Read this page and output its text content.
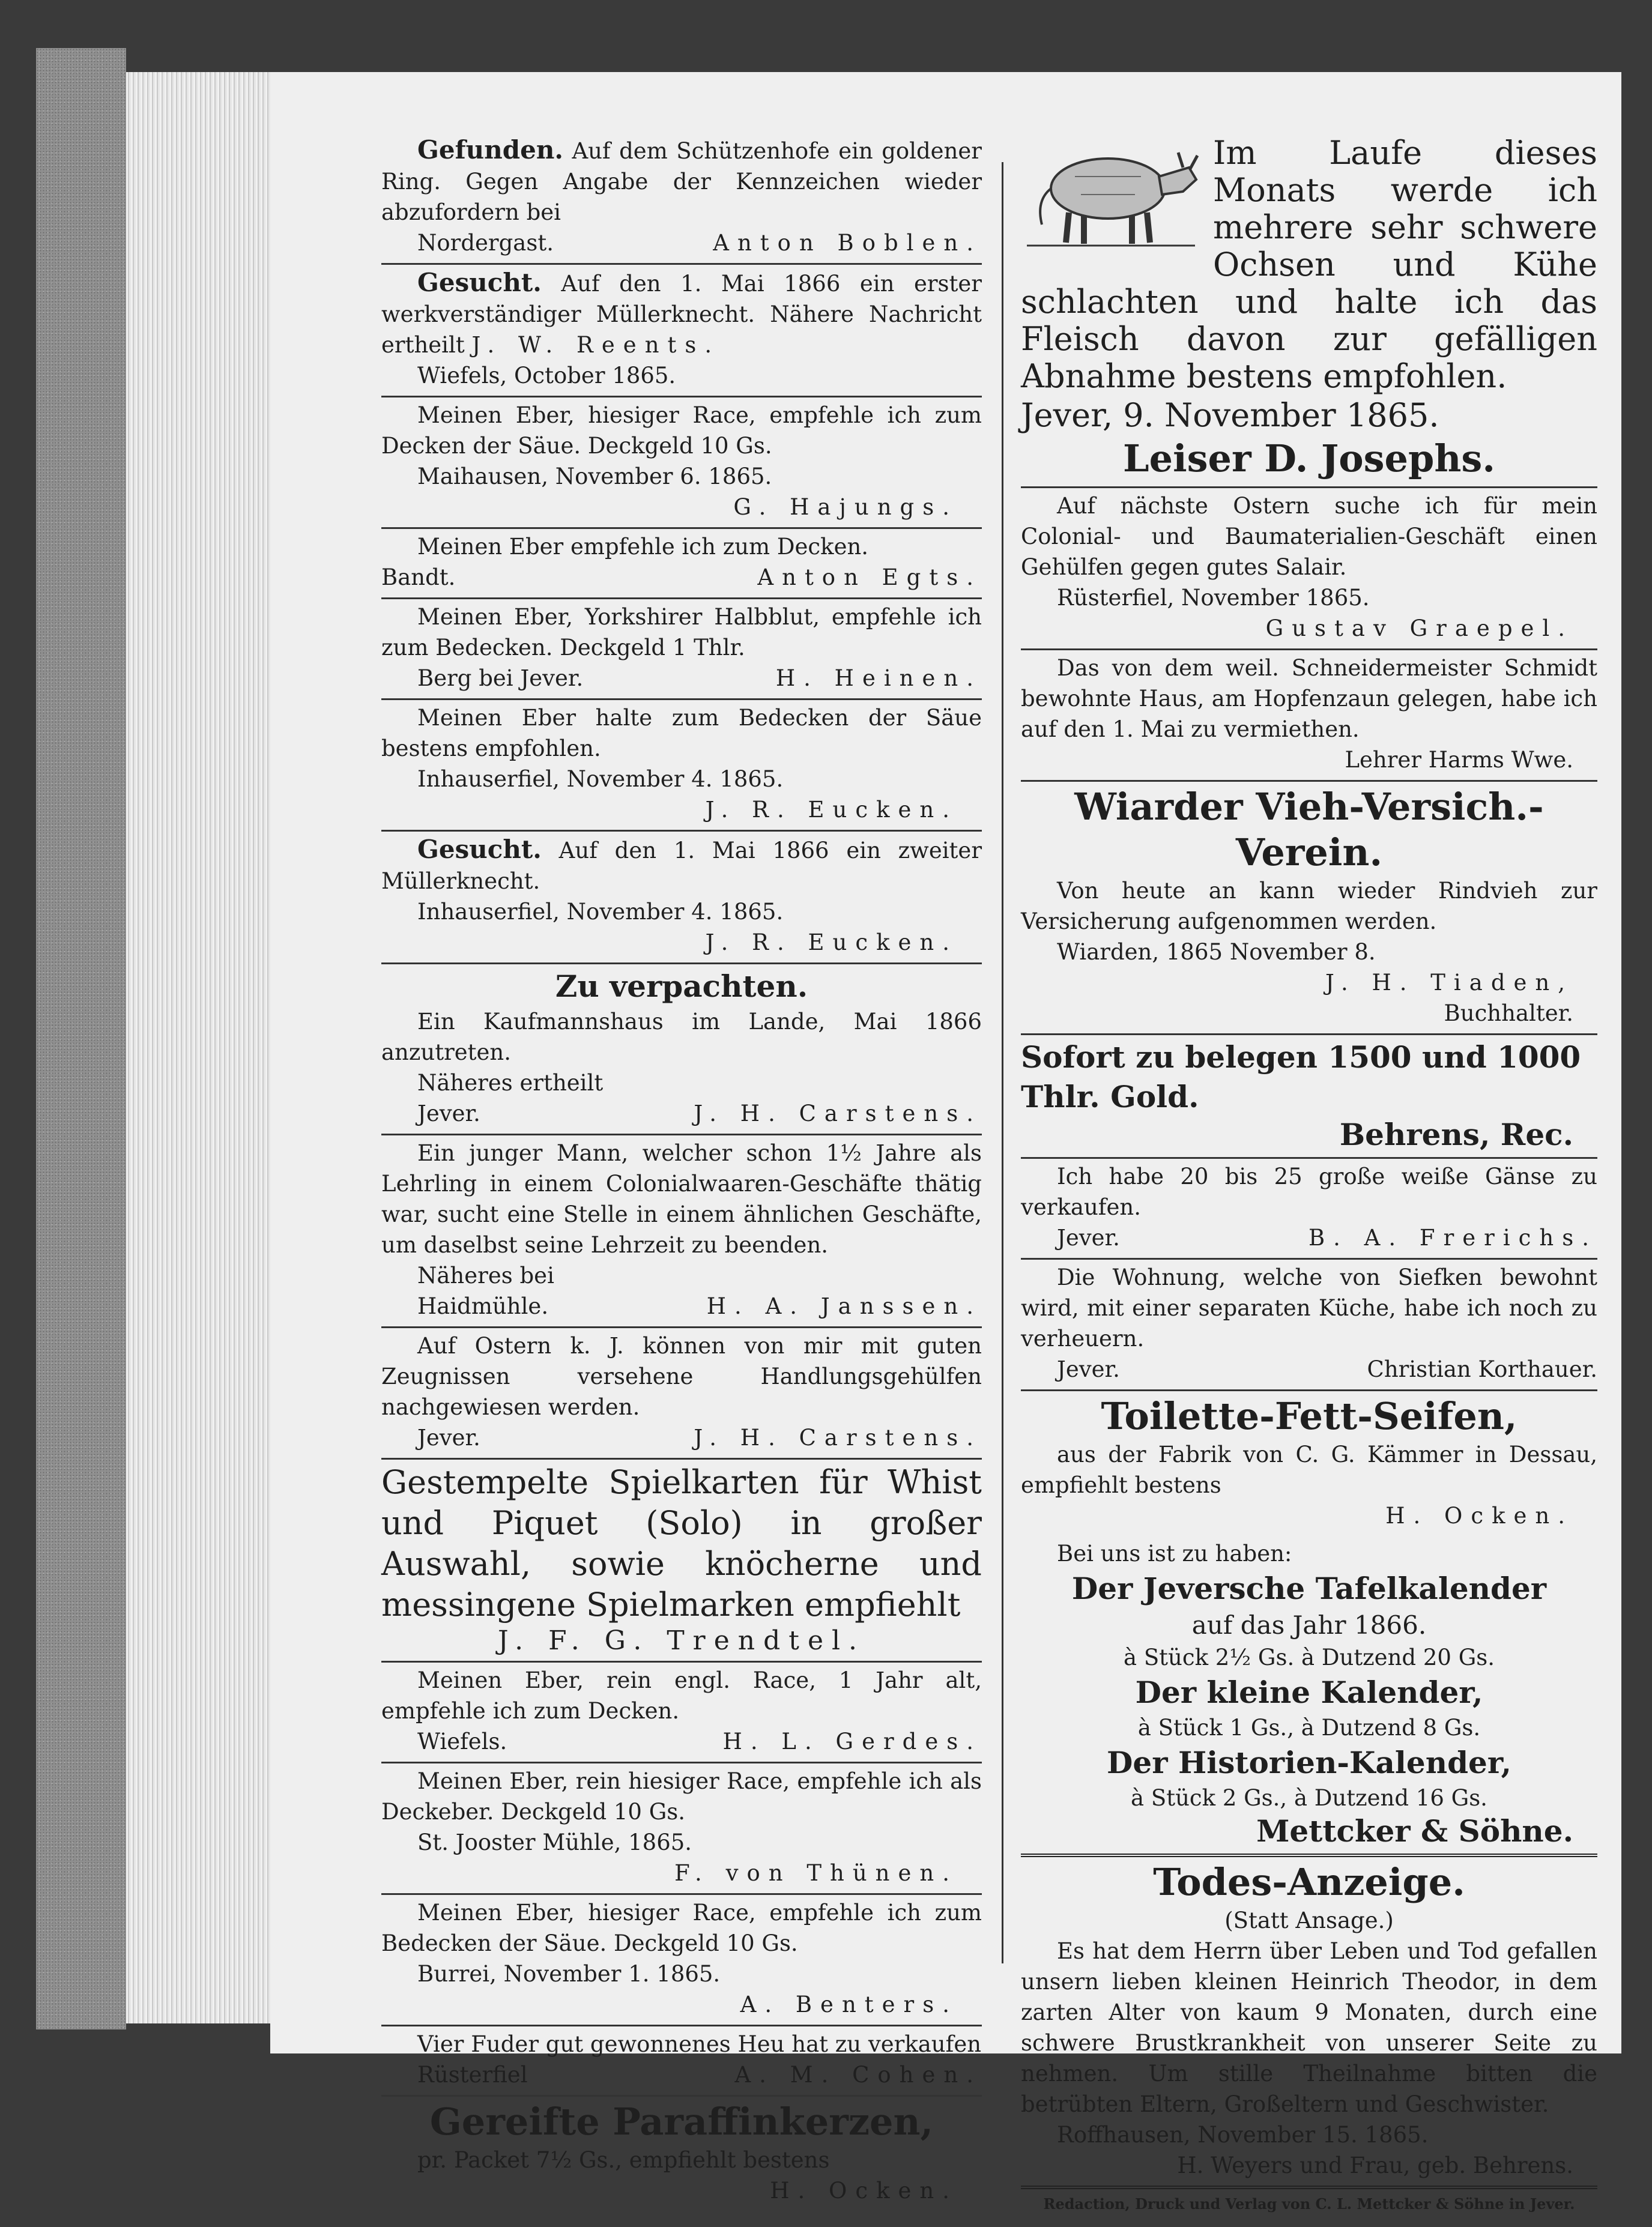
Gefunden. Auf dem Schützenhofe ein goldener Ring. Gegen Angabe der Kennzeichen wieder abzufordern bei

Nordergast.	Anton Boblen.

Gesucht. Auf den 1. Mai 1866 ein erster werkverständiger Müllerknecht. Nähere Nachricht ertheilt J. W. Reents.

Wiefels, October 1865.

Meinen Eber, hiesiger Race, empfehle ich zum Decken der Säue. Deckgeld 10 Gs.

Maihausen, November 6. 1865.

G. Hajungs.

Meinen Eber empfehle ich zum Decken.

Bandt.	Anton Egts.

Meinen Eber, Yorkshirer Halbblut, empfehle ich zum Bedecken. Deckgeld 1 Thlr.

Berg bei Jever.	H. Heinen.

Meinen Eber halte zum Bedecken der Säue bestens empfohlen.

Inhauserfiel, November 4. 1865.

J. R. Eucken.

Gesucht. Auf den 1. Mai 1866 ein zweiter Müllerknecht.

Inhauserfiel, November 4. 1865.

J. R. Eucken.

Zu verpachten.

Ein Kaufmannshaus im Lande, Mai 1866 anzutreten.

Näheres ertheilt

Jever.	J. H. Carstens.

Ein junger Mann, welcher schon 1½ Jahre als Lehrling in einem Colonialwaaren-Geschäfte thätig war, sucht eine Stelle in einem ähnlichen Geschäfte, um daselbst seine Lehrzeit zu beenden.

Näheres bei

Haidmühle.	H. A. Janssen.

Auf Ostern k. J. können von mir mit guten Zeugnissen versehene Handlungsgehülfen nachgewiesen werden.

Jever.	J. H. Carstens.

Gestempelte Spielkarten für Whist und Piquet (Solo) in großer Auswahl, sowie knöcherne und messingene Spielmarken empfiehlt

J. F. G. Trendtel.

Meinen Eber, rein engl. Race, 1 Jahr alt, empfehle ich zum Decken.

Wiefels.	H. L. Gerdes.

Meinen Eber, rein hiesiger Race, empfehle ich als Deckeber. Deckgeld 10 Gs.

St. Jooster Mühle, 1865.

F. von Thünen.

Meinen Eber, hiesiger Race, empfehle ich zum Bedecken der Säue. Deckgeld 10 Gs.

Burrei, November 1. 1865.

A. Benters.

Vier Fuder gut gewonnenes Heu hat zu verkaufen

Rüsterfiel	A. M. Cohen.

Gereifte Paraffinkerzen,

pr. Packet 7½ Gs., empfiehlt bestens

H. Ocken.

Im Laufe dieses Monats werde ich mehrere sehr schwere Ochsen und Kühe schlachten und halte ich das Fleisch davon zur gefälligen Abnahme bestens empfohlen.

Jever, 9. November 1865.

Leiser D. Josephs.

Auf nächste Ostern suche ich für mein Colonial- und Baumaterialien-Geschäft einen Gehülfen gegen gutes Salair.

Rüsterfiel, November 1865.

Gustav Graepel.

Das von dem weil. Schneidermeister Schmidt bewohnte Haus, am Hopfenzaun gelegen, habe ich auf den 1. Mai zu vermiethen.

Lehrer Harms Wwe.

Wiarder Vieh-Versich.-Verein.

Von heute an kann wieder Rindvieh zur Versicherung aufgenommen werden.

Wiarden, 1865 November 8.

J. H. Tiaden,

Buchhalter.

Sofort zu belegen 1500 und 1000 Thlr. Gold.

Behrens, Rec.

Ich habe 20 bis 25 große weiße Gänse zu verkaufen.

Jever.	B. A. Frerichs.

Die Wohnung, welche von Siefken bewohnt wird, mit einer separaten Küche, habe ich noch zu verheuern.

Jever.	Christian Korthauer.

Toilette-Fett-Seifen,

aus der Fabrik von C. G. Kämmer in Dessau, empfiehlt bestens

H. Ocken.

Bei uns ist zu haben:

Der Jeversche Tafelkalender

auf das Jahr 1866.

à Stück 2½ Gs. à Dutzend 20 Gs.

Der kleine Kalender,

à Stück 1 Gs., à Dutzend 8 Gs.

Der Historien-Kalender,

à Stück 2 Gs., à Dutzend 16 Gs.

Mettcker & Söhne.

Todes-Anzeige.

(Statt Ansage.)

Es hat dem Herrn über Leben und Tod gefallen unsern lieben kleinen Heinrich Theodor, in dem zarten Alter von kaum 9 Monaten, durch eine schwere Brustkrankheit von unserer Seite zu nehmen. Um stille Theilnahme bitten die betrübten Eltern, Großeltern und Geschwister.

Roffhausen, November 15. 1865.

H. Weyers und Frau, geb. Behrens.

Redaction, Druck und Verlag von C. L. Mettcker & Söhne in Jever.
